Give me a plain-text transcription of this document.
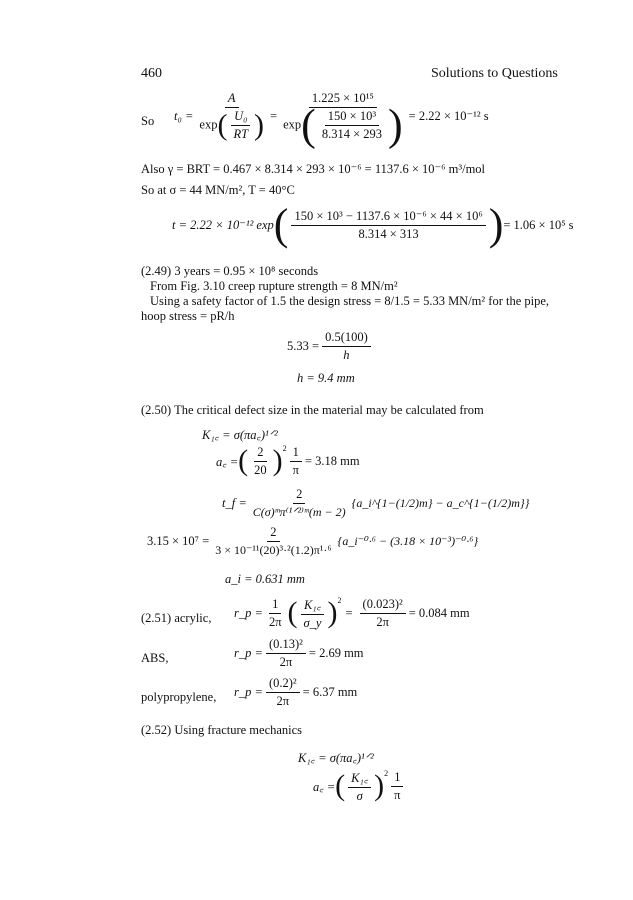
460	Solutions to Questions
So $t_0 = \frac{A}{\exp( \frac{\text{U₀}}{RT} )} = \frac{\text{1.225 × 10¹⁵}}{\exp( \frac{\text{150 × 10³}}{8.314 \times 293} )} = 2.22 \times 10^{-12}$ s
Also γ = BRT = 0.467 × 8.314 × 293 × 10⁻⁶ = 1137.6 × 10⁻⁶ m³/mol
So at σ = 44 MN/m², T = 40°C
t = 2.22 × 10⁻¹² exp ( $\frac{\text{150 × 10³ − 1137.6 × 10⁻⁶ × 44 × 10⁶}}{8.314 \times 313}$ ) = 1.06 × 10⁵ s
(2.49) 3 years = 0.95 × 10⁸ seconds
From Fig. 3.10 creep rupture strength = 8 MN/m²
Using a safety factor of 1.5 the design stress = 8/1.5 = 5.33 MN/m² for the pipe,
hoop stress = pR/h
$5.33 = \frac{0.5(100)}{h}$
h = 9.4 mm
(2.50) The critical defect size in the material may be calculated from
K₁꜀ = σ(πa꜀)¹ᐟ²
a꜀ = ( $\frac{2}{20} )^2 \frac{1}{\pi} = 3.18$ mm
t_f = $\frac{2}{\text{C(σ)ᵐπ⁽¹ᐟ²⁾ᵐ(m − 2)}}$ {a_i^{1−(1/2)m} − a_c^{1−(1/2)m}}
$3.15 \times 10^7 = \frac{2}{\text{3 × 10⁻¹¹(20)³·²(1.2)π¹·⁶}}$ {a_i⁻⁰·⁶ − (3.18 × 10⁻³)⁻⁰·⁶}
a_i = 0.631 mm
(2.51) acrylic, r_p = $\frac{1}{2\pi}$ ( $\frac{\text{K₁꜀}}{\sigma\_y} )^2$
= $\frac{\text{(0.023)²}}{2\pi} = 0.084$ mm
ABS,	r_p = $\frac{\text{(0.13)²}}{2\pi} = 2.69$ mm
polypropylene, r_p = $\frac{\text{(0.2)²}}{2\pi} = 6.37$ mm
(2.52) Using fracture mechanics
K₁꜀ = σ(πa꜀)¹ᐟ²
a꜀ = ( $\frac{\text{K₁꜀}}{\sigma} )^2 \frac{1}{\pi}$
